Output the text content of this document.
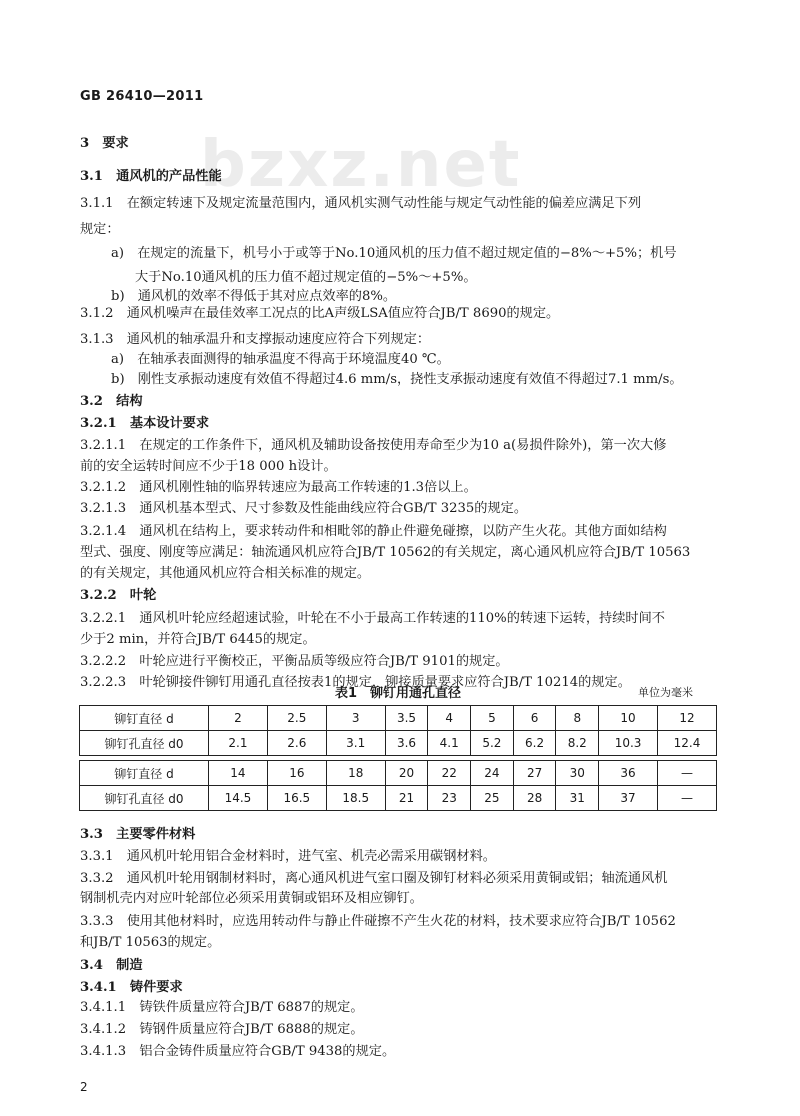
bzxz.net
GB 26410—2011
3　要求
3.1　通风机的产品性能
3.1.1　在额定转速下及规定流量范围内，通风机实测气动性能与规定气动性能的偏差应满足下列
规定：
a)　在规定的流量下，机号小于或等于No.10通风机的压力值不超过规定值的−8%～+5%；机号
大于No.10通风机的压力值不超过规定值的−5%～+5%。
b)　通风机的效率不得低于其对应点效率的8%。
3.1.2　通风机噪声在最佳效率工况点的比A声级LSA值应符合JB/T 8690的规定。
3.1.3　通风机的轴承温升和支撑振动速度应符合下列规定：
a)　在轴承表面测得的轴承温度不得高于环境温度40 ℃。
b)　刚性支承振动速度有效值不得超过4.6 mm/s，挠性支承振动速度有效值不得超过7.1 mm/s。
3.2　结构
3.2.1　基本设计要求
3.2.1.1　在规定的工作条件下，通风机及辅助设备按使用寿命至少为10 a(易损件除外)，第一次大修
前的安全运转时间应不少于18 000 h设计。
3.2.1.2　通风机刚性轴的临界转速应为最高工作转速的1.3倍以上。
3.2.1.3　通风机基本型式、尺寸参数及性能曲线应符合GB/T 3235的规定。
3.2.1.4　通风机在结构上，要求转动件和相毗邻的静止件避免碰擦，以防产生火花。其他方面如结构
型式、强度、刚度等应满足：轴流通风机应符合JB/T 10562的有关规定，离心通风机应符合JB/T 10563
的有关规定，其他通风机应符合相关标准的规定。
3.2.2　叶轮
3.2.2.1　通风机叶轮应经超速试验，叶轮在不小于最高工作转速的110%的转速下运转，持续时间不
少于2 min，并符合JB/T 6445的规定。
3.2.2.2　叶轮应进行平衡校正，平衡品质等级应符合JB/T 9101的规定。
3.2.2.3　叶轮铆接件铆钉用通孔直径按表1的规定，铆接质量要求应符合JB/T 10214的规定。
表1　铆钉用通孔直径	单位为毫米
铆钉直径 d	2	2.5	3	3.5	4	5	6	8	10	12
铆钉孔直径 d0	2.1	2.6	3.1	3.6	4.1	5.2	6.2	8.2	10.3	12.4

铆钉直径 d	14	16	18	20	22	24	27	30	36	—
铆钉孔直径 d0	14.5	16.5	18.5	21	23	25	28	31	37	—
3.3　主要零件材料
3.3.1　通风机叶轮用铝合金材料时，进气室、机壳必需采用碳钢材料。
3.3.2　通风机叶轮用钢制材料时，离心通风机进气室口圈及铆钉材料必须采用黄铜或铝；轴流通风机
钢制机壳内对应叶轮部位必须采用黄铜或铝环及相应铆钉。
3.3.3　使用其他材料时，应选用转动件与静止件碰擦不产生火花的材料，技术要求应符合JB/T 10562
和JB/T 10563的规定。
3.4　制造
3.4.1　铸件要求
3.4.1.1　铸铁件质量应符合JB/T 6887的规定。
3.4.1.2　铸钢件质量应符合JB/T 6888的规定。
3.4.1.3　铝合金铸件质量应符合GB/T 9438的规定。
2
